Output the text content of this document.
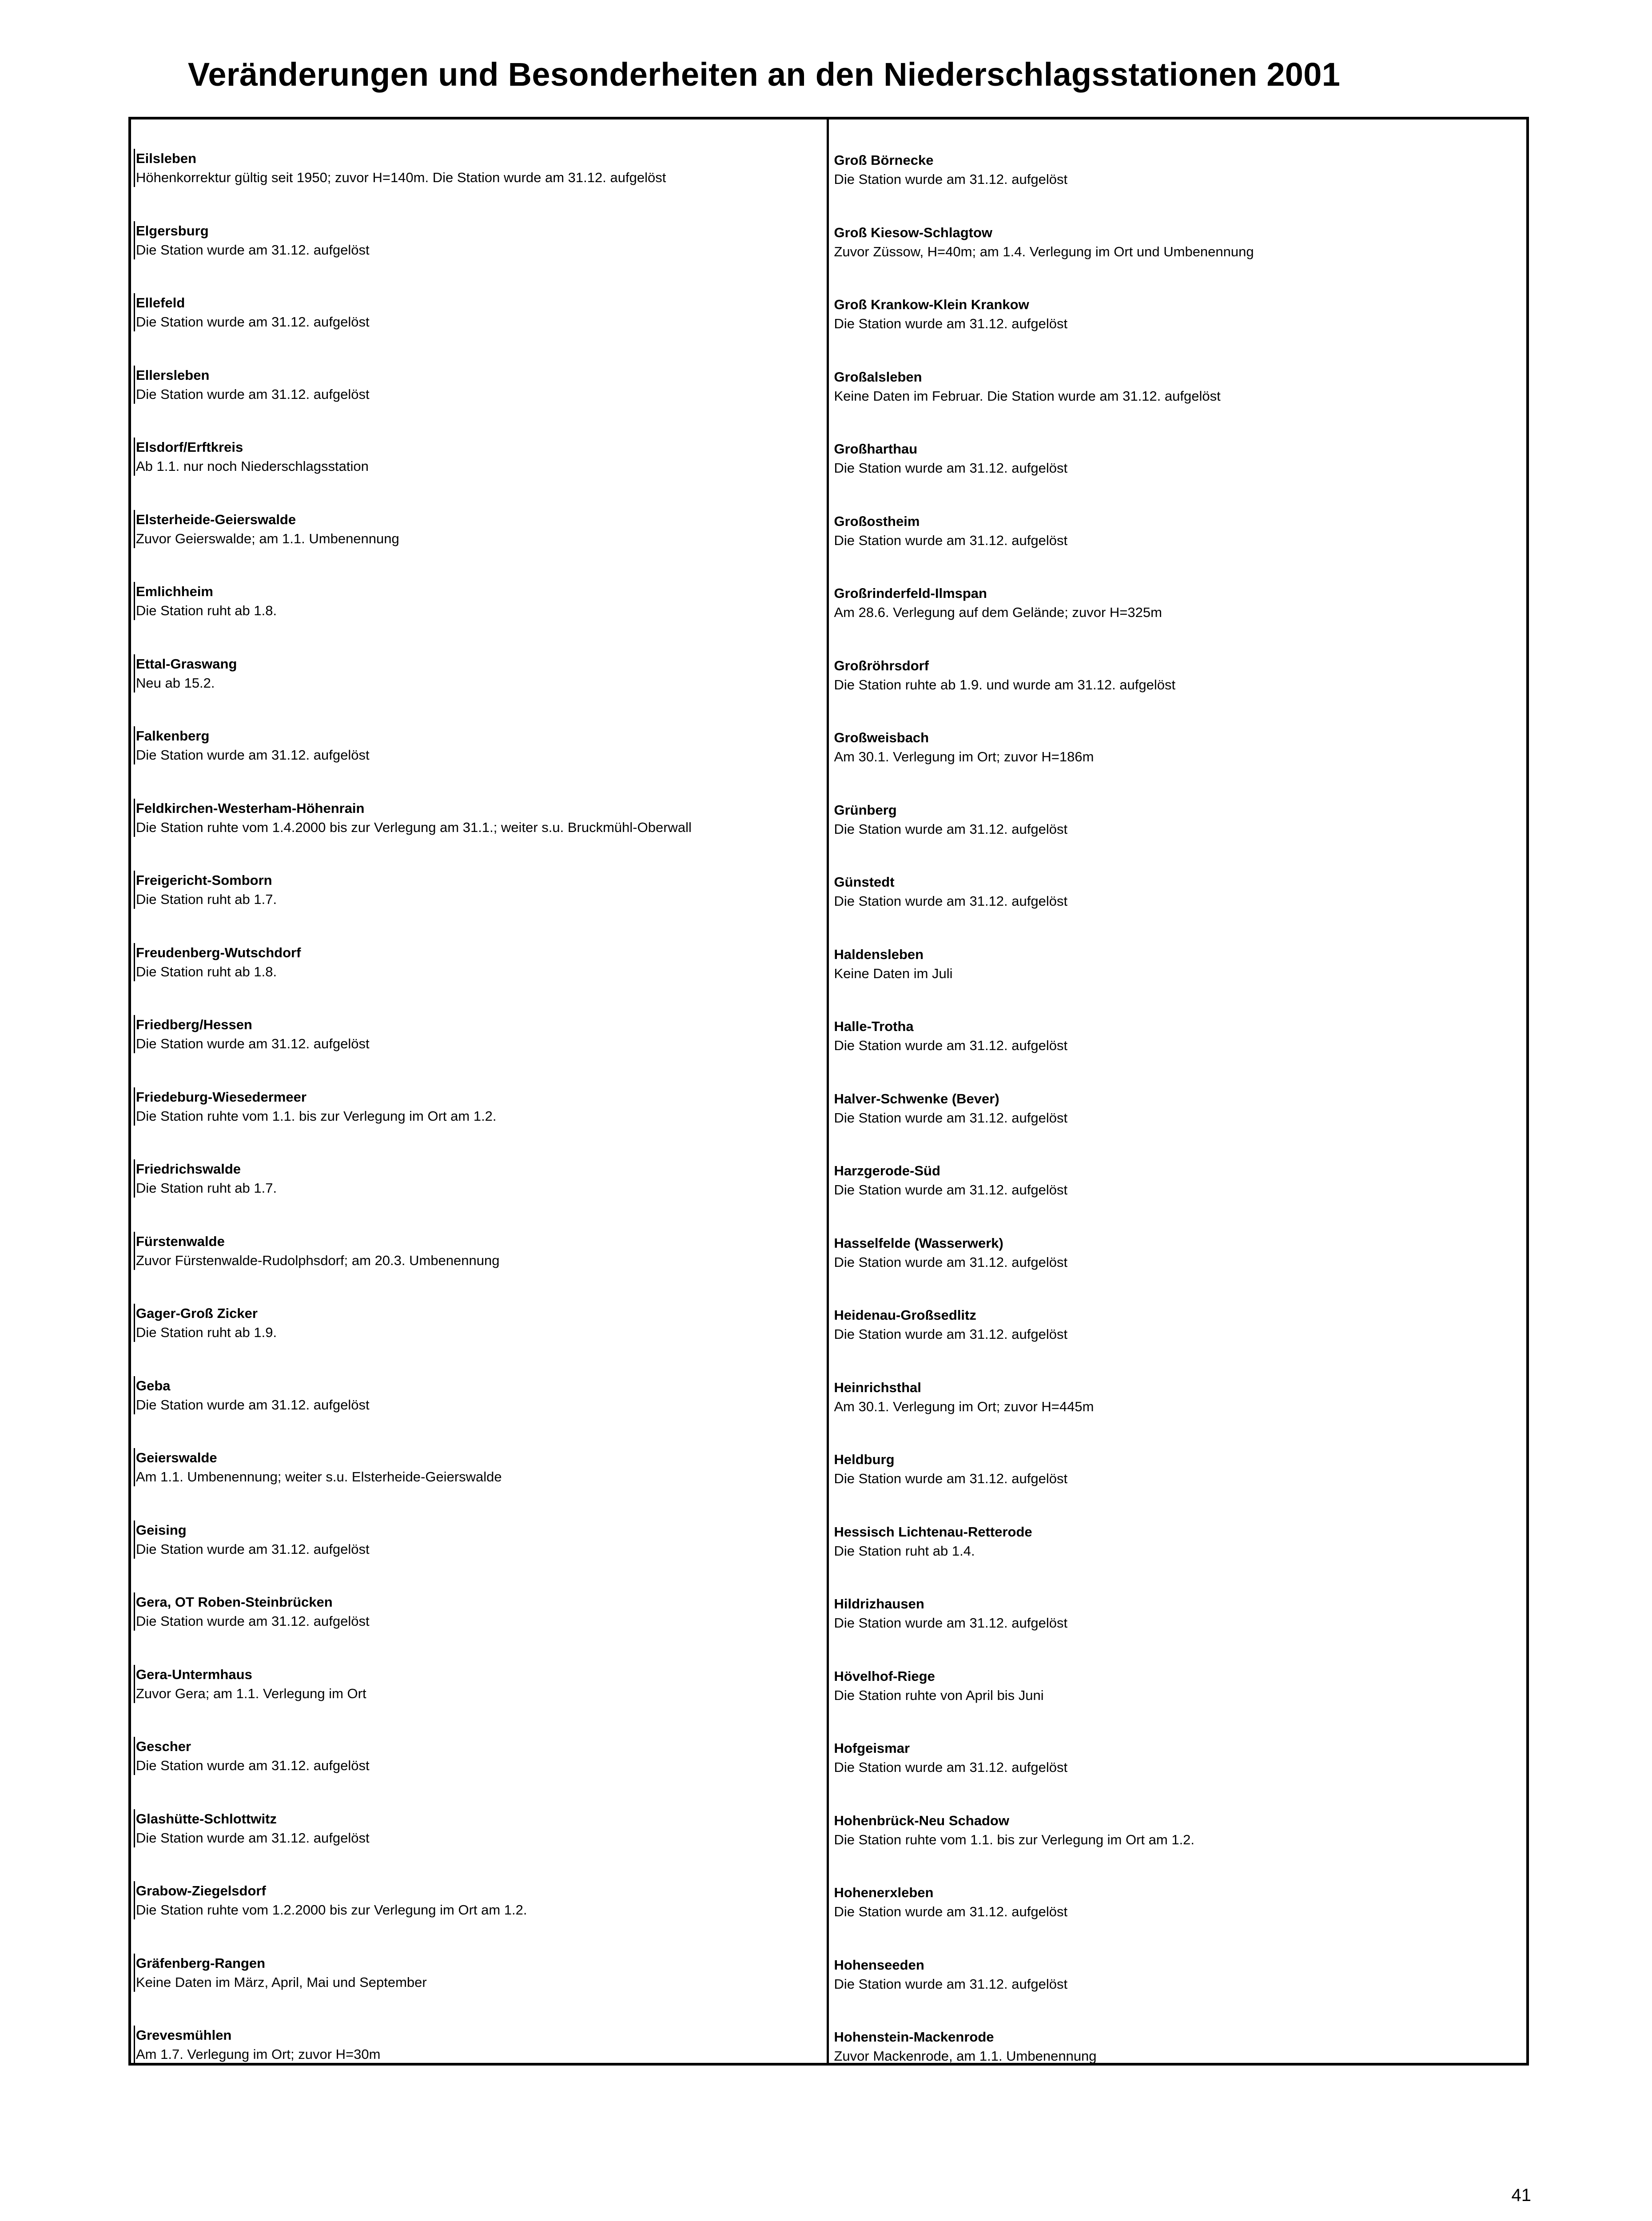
Veränderungen und Besonderheiten an den Niederschlagsstationen 2001
Eilsleben
Höhenkorrektur gültig seit 1950; zuvor H=140m. Die Station wurde am 31.12. aufgelöst
Elgersburg
Die Station wurde am 31.12. aufgelöst
Ellefeld
Die Station wurde am 31.12. aufgelöst
Ellersleben
Die Station wurde am 31.12. aufgelöst
Elsdorf/Erftkreis
Ab 1.1. nur noch Niederschlagsstation
Elsterheide-Geierswalde
Zuvor Geierswalde; am 1.1. Umbenennung
Emlichheim
Die Station ruht ab 1.8.
Ettal-Graswang
Neu ab 15.2.
Falkenberg
Die Station wurde am 31.12. aufgelöst
Feldkirchen-Westerham-Höhenrain
Die Station ruhte vom 1.4.2000 bis zur Verlegung am 31.1.; weiter s.u. Bruckmühl-Oberwall
Freigericht-Somborn
Die Station ruht ab 1.7.
Freudenberg-Wutschdorf
Die Station ruht ab 1.8.
Friedberg/Hessen
Die Station wurde am 31.12. aufgelöst
Friedeburg-Wiesedermeer
Die Station ruhte vom 1.1. bis zur Verlegung im Ort am 1.2.
Friedrichswalde
Die Station ruht ab 1.7.
Fürstenwalde
Zuvor Fürstenwalde-Rudolphsdorf; am 20.3. Umbenennung
Gager-Groß Zicker
Die Station ruht ab 1.9.
Geba
Die Station wurde am 31.12. aufgelöst
Geierswalde
Am 1.1. Umbenennung; weiter s.u. Elsterheide-Geierswalde
Geising
Die Station wurde am 31.12. aufgelöst
Gera, OT Roben-Steinbrücken
Die Station wurde am 31.12. aufgelöst
Gera-Untermhaus
Zuvor Gera; am 1.1. Verlegung im Ort
Gescher
Die Station wurde am 31.12. aufgelöst
Glashütte-Schlottwitz
Die Station wurde am 31.12. aufgelöst
Grabow-Ziegelsdorf
Die Station ruhte vom 1.2.2000 bis zur Verlegung im Ort am 1.2.
Gräfenberg-Rangen
Keine Daten im März, April, Mai und September
Grevesmühlen
Am 1.7. Verlegung im Ort; zuvor H=30m
Groß Börnecke
Die Station wurde am 31.12. aufgelöst
Groß Kiesow-Schlagtow
Zuvor Züssow, H=40m; am 1.4. Verlegung im Ort und Umbenennung
Groß Krankow-Klein Krankow
Die Station wurde am 31.12. aufgelöst
Großalsleben
Keine Daten im Februar. Die Station wurde am 31.12. aufgelöst
Großharthau
Die Station wurde am 31.12. aufgelöst
Großostheim
Die Station wurde am 31.12. aufgelöst
Großrinderfeld-Ilmspan
Am 28.6. Verlegung auf dem Gelände; zuvor H=325m
Großröhrsdorf
Die Station ruhte ab 1.9. und wurde am 31.12. aufgelöst
Großweisbach
Am 30.1. Verlegung im Ort; zuvor H=186m
Grünberg
Die Station wurde am 31.12. aufgelöst
Günstedt
Die Station wurde am 31.12. aufgelöst
Haldensleben
Keine Daten im Juli
Halle-Trotha
Die Station wurde am 31.12. aufgelöst
Halver-Schwenke (Bever)
Die Station wurde am 31.12. aufgelöst
Harzgerode-Süd
Die Station wurde am 31.12. aufgelöst
Hasselfelde (Wasserwerk)
Die Station wurde am 31.12. aufgelöst
Heidenau-Großsedlitz
Die Station wurde am 31.12. aufgelöst
Heinrichsthal
Am 30.1. Verlegung im Ort; zuvor H=445m
Heldburg
Die Station wurde am 31.12. aufgelöst
Hessisch Lichtenau-Retterode
Die Station ruht ab 1.4.
Hildrizhausen
Die Station wurde am 31.12. aufgelöst
Hövelhof-Riege
Die Station ruhte von April bis Juni
Hofgeismar
Die Station wurde am 31.12. aufgelöst
Hohenbrück-Neu Schadow
Die Station ruhte vom 1.1. bis zur Verlegung im Ort am 1.2.
Hohenerxleben
Die Station wurde am 31.12. aufgelöst
Hohenseeden
Die Station wurde am 31.12. aufgelöst
Hohenstein-Mackenrode
Zuvor Mackenrode, am 1.1. Umbenennung
41
